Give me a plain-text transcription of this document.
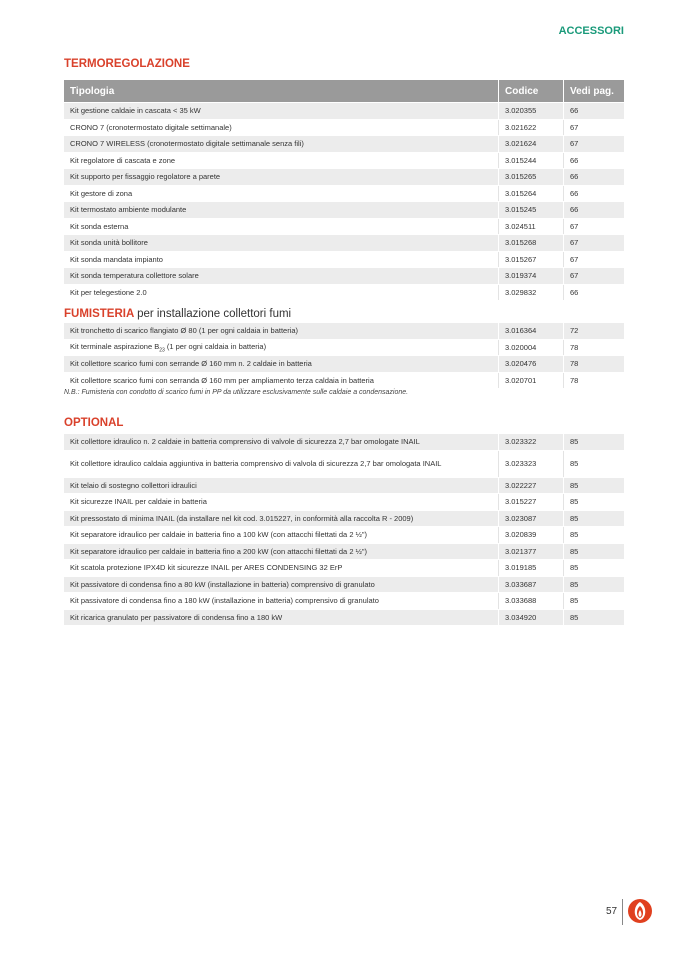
ACCESSORI
TERMOREGOLAZIONE
Tipologia	Codice	Vedi pag.
Kit gestione caldaie in cascata < 35 kW	3.020355	66
CRONO 7 (cronotermostato digitale settimanale)	3.021622	67
CRONO 7 WIRELESS (cronotermostato digitale settimanale senza fili)	3.021624	67
Kit regolatore di cascata e zone	3.015244	66
Kit supporto per fissaggio regolatore a parete	3.015265	66
Kit gestore di zona	3.015264	66
Kit termostato ambiente modulante	3.015245	66
Kit sonda esterna	3.024511	67
Kit sonda unità bollitore	3.015268	67
Kit sonda mandata impianto	3.015267	67
Kit sonda temperatura collettore solare	3.019374	67
Kit per telegestione 2.0	3.029832	66
FUMISTERIA per installazione collettori fumi
Kit tronchetto di scarico flangiato Ø 80 (1 per ogni caldaia in batteria)	3.016364	72
Kit terminale aspirazione $B_{23}$ (1 per ogni caldaia in batteria)	3.020004	78
Kit collettore scarico fumi con serrande Ø 160 mm n. 2 caldaie in batteria	3.020476	78
Kit collettore scarico fumi con serranda Ø 160 mm per ampliamento terza caldaia in batteria	3.020701	78
N.B.: Fumisteria con condotto di scarico fumi in PP da utilizzare esclusivamente sulle caldaie a condensazione.
OPTIONAL
Kit collettore idraulico n. 2 caldaie in batteria comprensivo di valvole di sicurezza 2,7 bar omologate INAIL	3.023322	85
Kit collettore idraulico caldaia aggiuntiva in batteria comprensivo di valvola di sicurezza 2,7 bar omologata INAIL	3.023323	85
Kit telaio di sostegno collettori idraulici	3.022227	85
Kit sicurezze INAIL per caldaie in batteria	3.015227	85
Kit pressostato di minima INAIL (da installare nel kit cod. 3.015227, in conformità alla raccolta R - 2009)	3.023087	85
Kit separatore idraulico per caldaie in batteria fino a 100 kW (con attacchi filettati da 2 ½")	3.020839	85
Kit separatore idraulico per caldaie in batteria fino a 200 kW (con attacchi filettati da 2 ½")	3.021377	85
Kit scatola protezione IPX4D kit sicurezze INAIL per ARES CONDENSING 32 ErP	3.019185	85
Kit passivatore di condensa fino a 80 kW (installazione in batteria) comprensivo di granulato	3.033687	85
Kit passivatore di condensa fino a 180 kW (installazione in batteria) comprensivo di granulato	3.033688	85
Kit ricarica granulato per passivatore di condensa fino a 180 kW	3.034920	85
57
